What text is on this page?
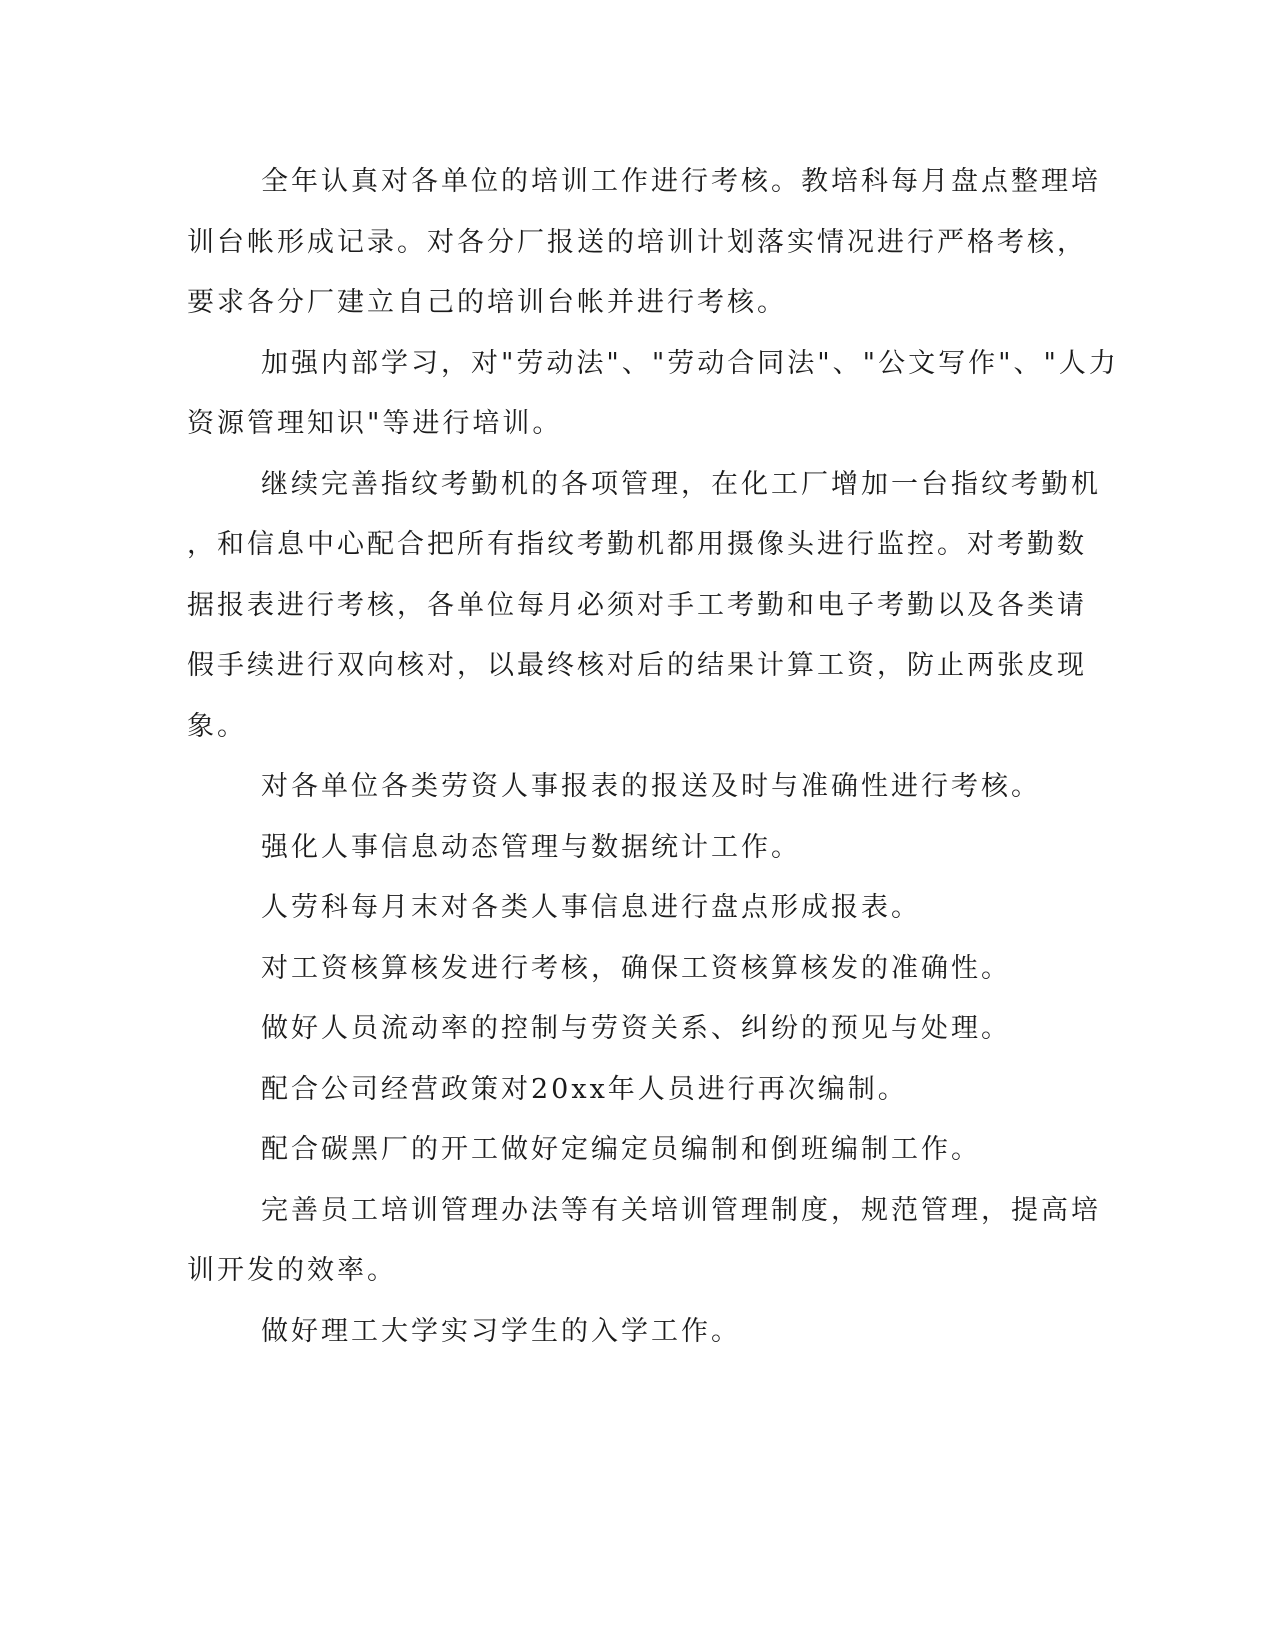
全年认真对各单位的培训工作进行考核。教培科每月盘点整理培
训台帐形成记录。对各分厂报送的培训计划落实情况进行严格考核，
要求各分厂建立自己的培训台帐并进行考核。

加强内部学习，对"劳动法"、"劳动合同法"、"公文写作"、"人力
资源管理知识"等进行培训。

继续完善指纹考勤机的各项管理，在化工厂增加一台指纹考勤机
，和信息中心配合把所有指纹考勤机都用摄像头进行监控。对考勤数
据报表进行考核，各单位每月必须对手工考勤和电子考勤以及各类请
假手续进行双向核对，以最终核对后的结果计算工资，防止两张皮现
象。

对各单位各类劳资人事报表的报送及时与准确性进行考核。

强化人事信息动态管理与数据统计工作。

人劳科每月末对各类人事信息进行盘点形成报表。

对工资核算核发进行考核，确保工资核算核发的准确性。

做好人员流动率的控制与劳资关系、纠纷的预见与处理。

配合公司经营政策对20xx年人员进行再次编制。

配合碳黑厂的开工做好定编定员编制和倒班编制工作。

完善员工培训管理办法等有关培训管理制度，规范管理，提高培
训开发的效率。

做好理工大学实习学生的入学工作。
